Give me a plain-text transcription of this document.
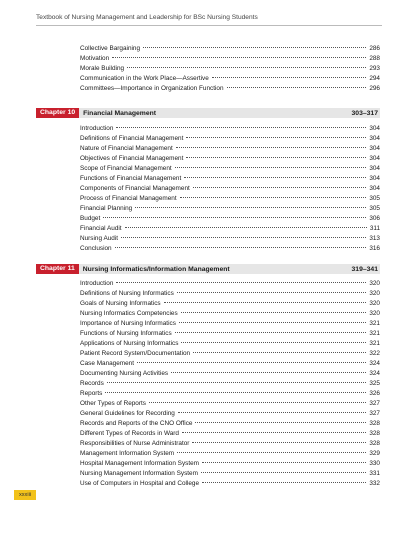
Textbook of Nursing Management and Leadership for BSc Nursing Students
Collective Bargaining	286
Motivation	288
Morale Building	293
Communication in the Work Place—Assertive	294
Committees—Importance in Organization Function	296
Chapter 10	Financial Management	303–317
Introduction	304
Definitions of Financial Management	304
Nature of Financial Management	304
Objectives of Financial Management	304
Scope of Financial Management	304
Functions of Financial Management	304
Components of Financial Management	304
Process of Financial Management	305
Financial Planning	305
Budget	306
Financial Audit	311
Nursing Audit	313
Conclusion	316
Chapter 11	Nursing Informatics/Information Management	319–341
Introduction	320
Definitions of Nursing Informatics	320
Goals of Nursing Informatics	320
Nursing Informatics Competencies	320
Importance of Nursing Informatics	321
Functions of Nursing Informatics	321
Applications of Nursing Informatics	321
Patient Record System/Documentation	322
Case Management	324
Documenting Nursing Activities	324
Records	325
Reports	326
Other Types of Reports	327
General Guidelines for Recording	327
Records and Reports of the CNO Office	328
Different Types of Records in Ward	328
Responsibilities of Nurse Administrator	328
Management Information System	329
Hospital Management Information System	330
Nursing Management Information System	331
Use of Computers in Hospital and College	332
xxxiii
